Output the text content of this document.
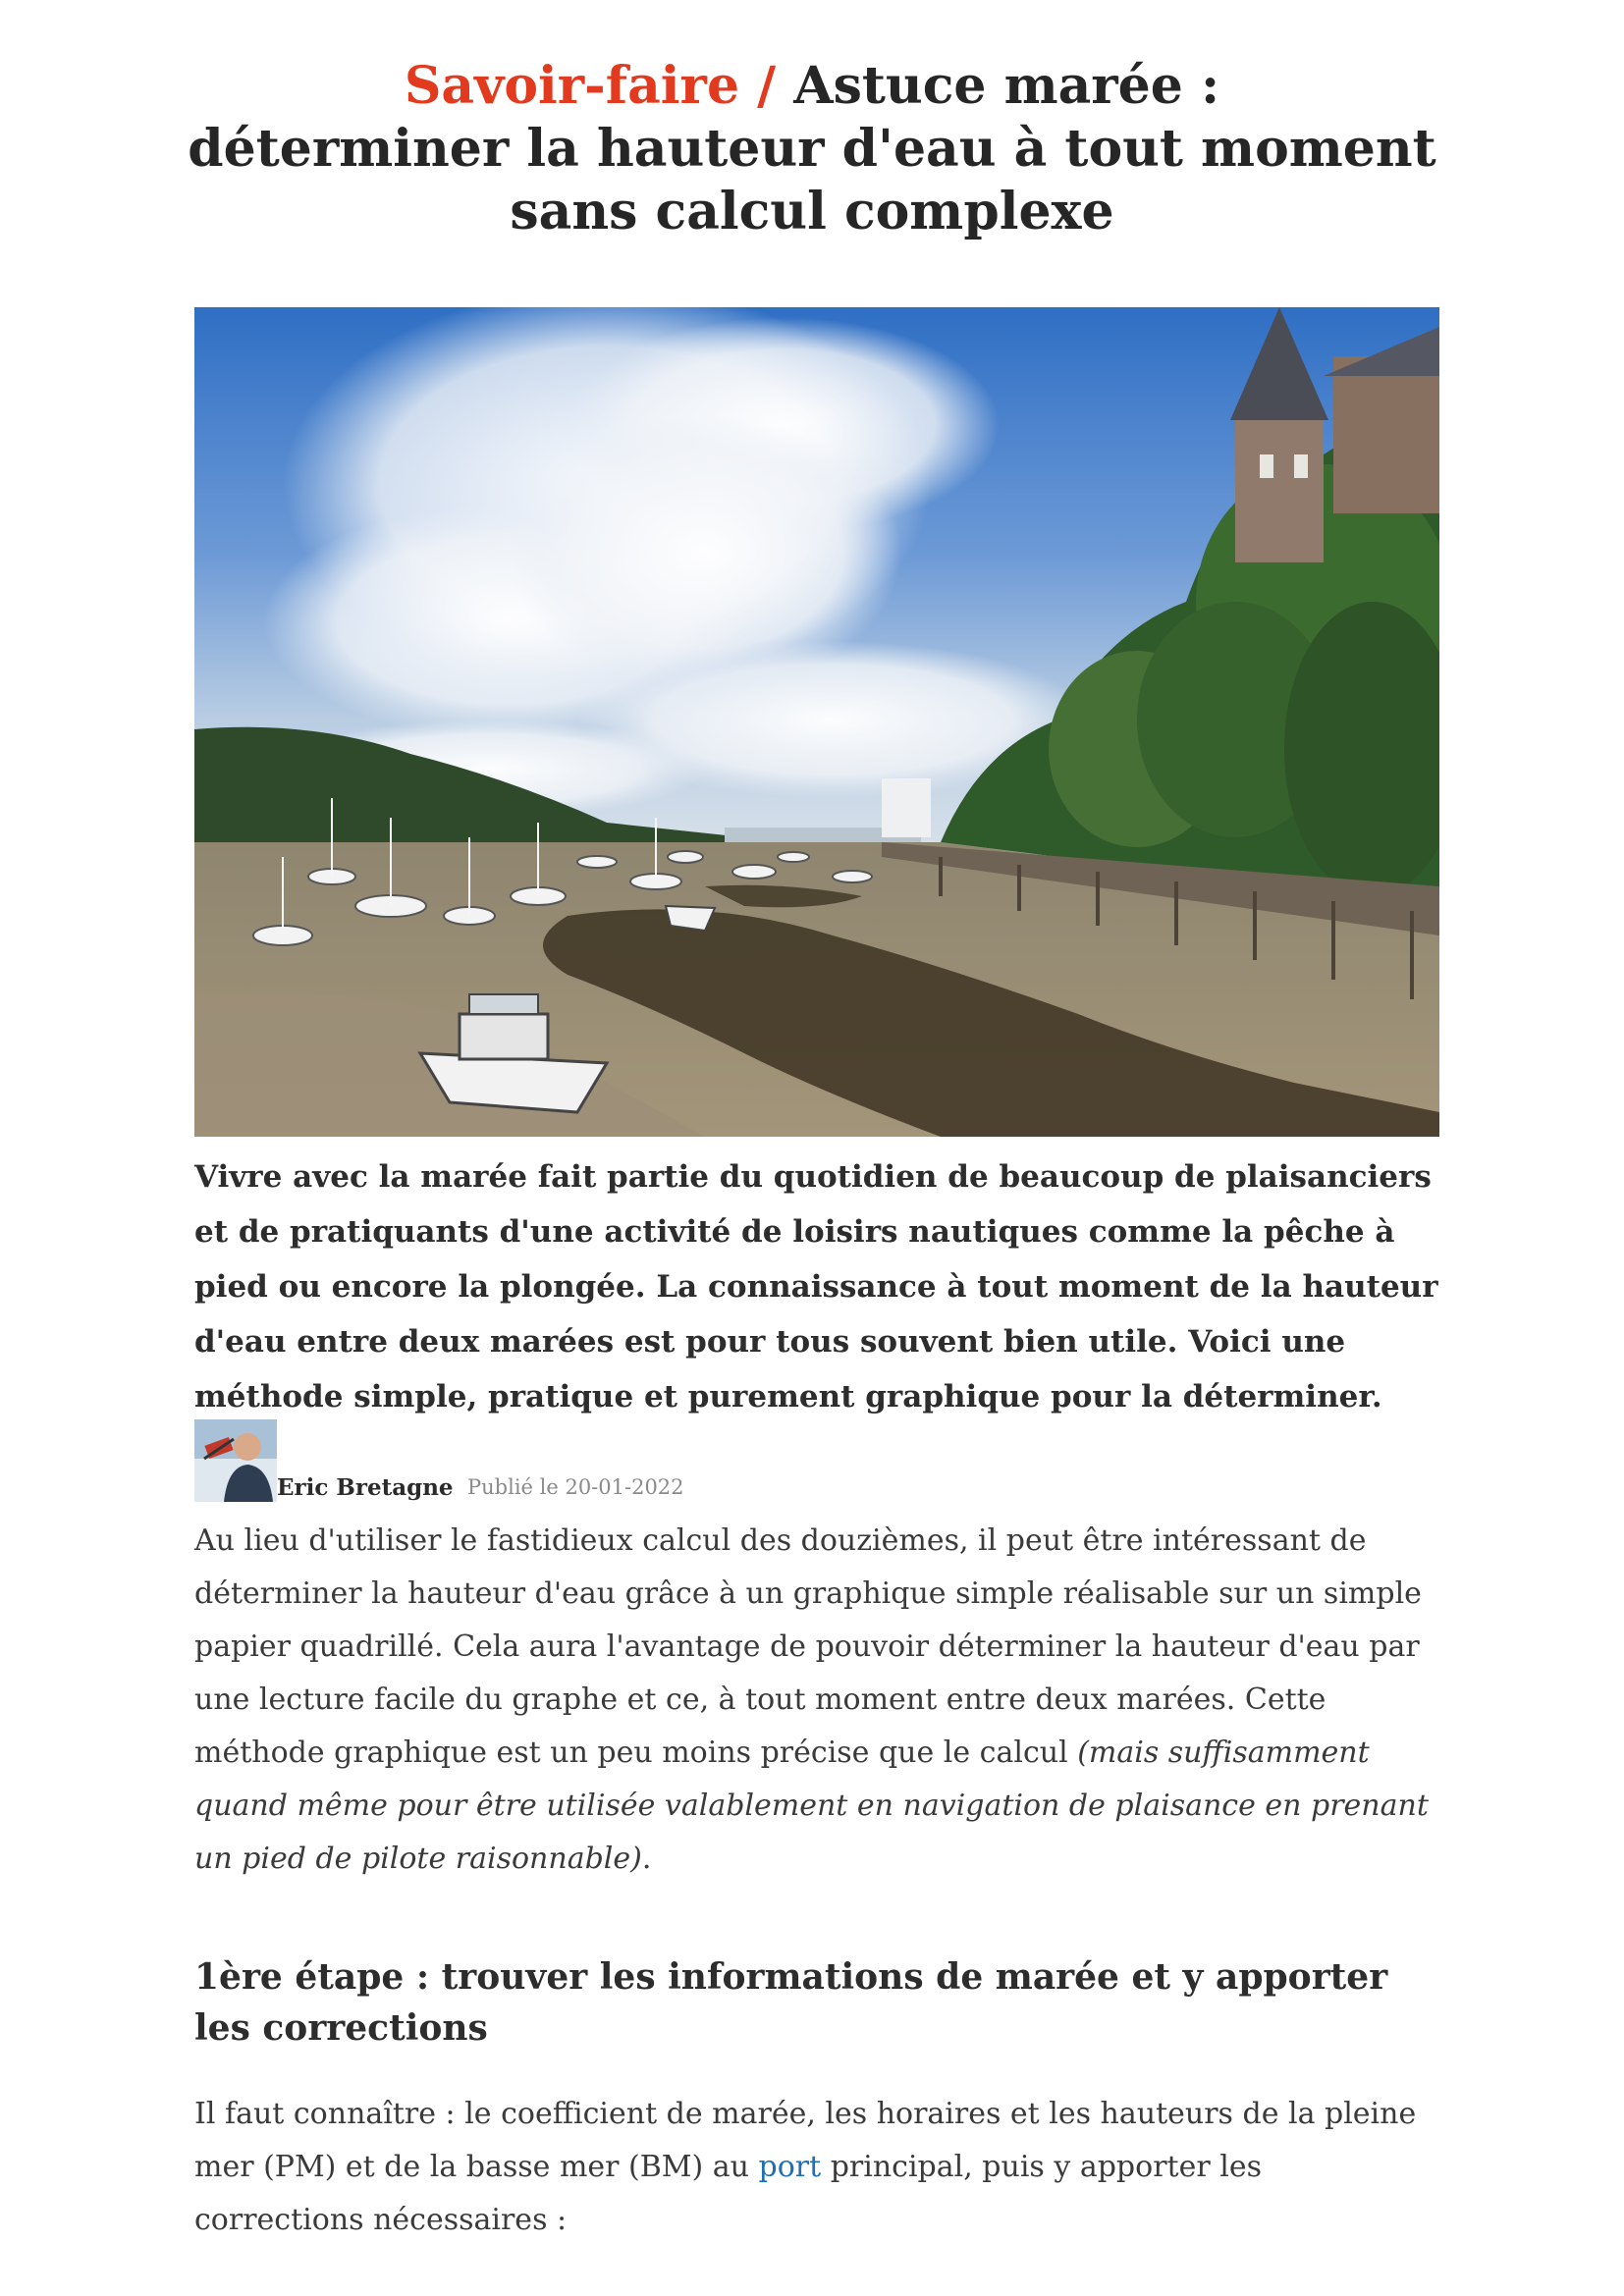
Savoir-faire / Astuce marée :
déterminer la hauteur d'eau à tout moment
sans calcul complexe

Vivre avec la marée fait partie du quotidien de beaucoup de plaisanciers et de pratiquants d'une activité de loisirs nautiques comme la pêche à pied ou encore la plongée. La connaissance à tout moment de la hauteur d'eau entre deux marées est pour tous souvent bien utile. Voici une méthode simple, pratique et purement graphique pour la déterminer.

Eric Bretagne Publié le 20-01-2022

Au lieu d'utiliser le fastidieux calcul des douzièmes, il peut être intéressant de déterminer la hauteur d'eau grâce à un graphique simple réalisable sur un simple papier quadrillé. Cela aura l'avantage de pouvoir déterminer la hauteur d'eau par une lecture facile du graphe et ce, à tout moment entre deux marées. Cette méthode graphique est un peu moins précise que le calcul (mais suffisamment quand même pour être utilisée valablement en navigation de plaisance en prenant un pied de pilote raisonnable).

1ère étape : trouver les informations de marée et y apporter les corrections

Il faut connaître : le coefficient de marée, les horaires et les hauteurs de la pleine mer (PM) et de la basse mer (BM) au port principal, puis y apporter les corrections nécessaires :
